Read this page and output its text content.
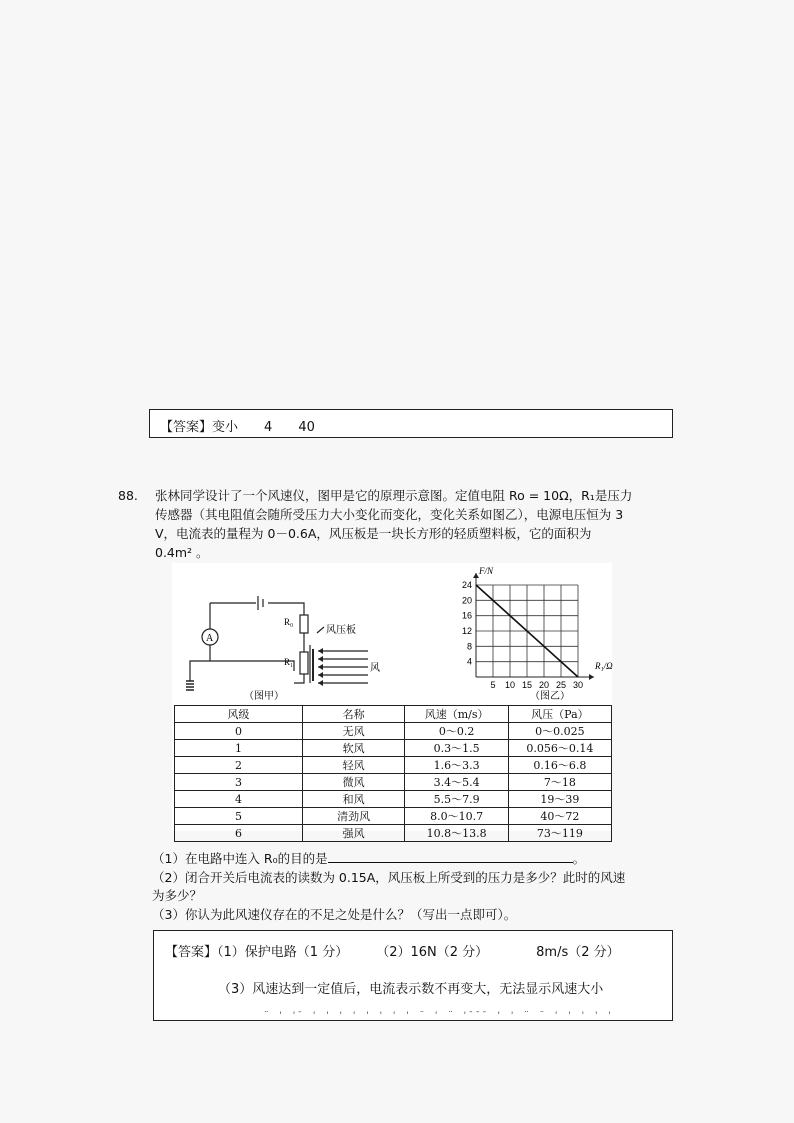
【答案】变小 4 40
88. 张林同学设计了一个风速仪，图甲是它的原理示意图。定值电阻 Ro = 10Ω，R₁是压力
传感器（其电阻值会随所受压力大小变化而变化，变化关系如图乙），电源电压恒为 3
V，电流表的量程为 0－0.6A，风压板是一块长方形的轻质塑料板，它的面积为
0.4m² 。
A
R₀
R₁
风压板
风
（图甲）
5 10 15 20 25 30
4
8
12
16
20
24
F/N
R₁/Ω
（图乙）
风级	名称	风速（m/s）	风压（Pa）
0	无风	0～0.2	0～0.025
1	软风	0.3～1.5	0.056～0.14
2	轻风	1.6～3.3	0.16～6.8
3	微风	3.4～5.4	7～18
4	和风	5.5～7.9	19～39
5	清劲风	8.0～10.7	40～72
6	强风	10.8～13.8	73～119
（1）在电路中连入 R₀的目的是	。
（2）闭合开关后电流表的读数为 0.15A，风压板上所受到的压力是多少？此时的风速
为多少？
（3）你认为此风速仪存在的不足之处是什么？（写出一点即可）。
【答案】（1）保护电路（1 分） （2）16N（2 分）	8m/s（2 分）
（3）风速达到一定值后，电流表示数不再变大，无法显示风速大小
¨ ' ' ̄ ' ' ' ' ' ' ' ' ¨ ' ¨ ' ̄ ̄ ̄ ' ' ¨ ¨ ' ' ' ' '
